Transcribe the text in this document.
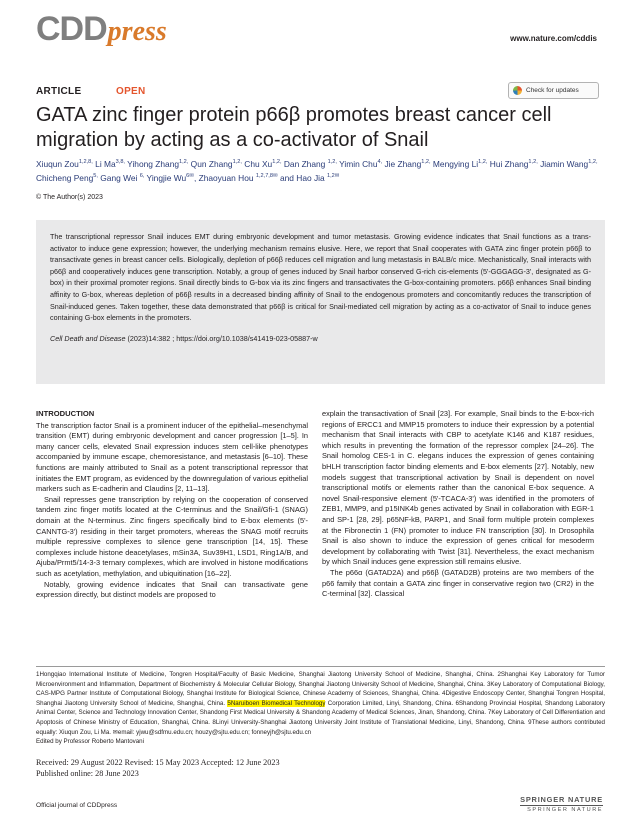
CDDpress	www.nature.com/cddis
ARTICLE	OPEN	Check for updates
GATA zinc finger protein p66β promotes breast cancer cell migration by acting as a co-activator of Snail
Xiuqun Zou$^{1,2,8,}$ Li $Ma^{3,8,}$ Yihong Zhang$^{1,2,}$ Qun Zhang$^{1,2,}$ Chu $Xu^{1,2,}$ Dan Zhang $^{1,2,}$ Yimin Chu$^{4,}$ Jie Zhang$^{1,2,}$ Mengying $Li^{1,2,}$ Hui Zhang$^{1,2,}$ Jiamin Wang$^{1,2,}$ Chicheng Peng$^{5,}$ Gang Wei $^{6,}$ Yingjie $Wu^{6✉}$, Zhaoyuan Hou $^{1,2,7,8✉}$ and Hao Jia $^{1,2✉}$
© The Author(s) 2023

The transcriptional repressor Snail induces EMT during embryonic development and tumor metastasis. Growing evidence indicates that Snail functions as a trans-activator to induce gene expression; however, the underlying mechanism remains elusive. Here, we report that Snail cooperates with GATA zinc finger protein p66β to transactivate genes in breast cancer cells. Biologically, depletion of p66β reduces cell migration and lung metastasis in BALB/c mice. Mechanistically, Snail interacts with p66β and cooperatively induces gene transcription. Notably, a group of genes induced by Snail harbor conserved G-rich cis-elements (5'-GGGAGG-3', designated as G-box) in their proximal promoter regions. Snail directly binds to G-box via its zinc fingers and transactivates the G-box-containing promoters. p66β enhances Snail binding affinity to G-box, whereas depletion of p66β results in a decreased binding affinity of Snail to the endogenous promoters and concomitantly reduces the transcription of Snail-induced genes. Taken together, these data demonstrated that p66β is critical for Snail-mediated cell migration by acting as a co-activator of Snail to induce genes containing G-box elements in the promoters.

Cell Death and Disease (2023)14:382 ; https://doi.org/10.1038/s41419-023-05887-w

INTRODUCTION

The transcription factor Snail is a prominent inducer of the epithelial–mesenchymal transition (EMT) during embryonic development and cancer progression [1–5]. In many cancer cells, elevated Snail expression induces stem cell-like phenotypes accompanied by immune escape, chemoresistance, and metastasis [6–10]. These functions are mainly attributed to Snail as a potent transcriptional repressor that initiates the EMT program, as evidenced by the downregulation of various epithelial markers such as E-cadherin and Claudins [2, 11–13].

Snail represses gene transcription by relying on the cooperation of conserved tandem zinc finger motifs located at the C-terminus and the Snail/Gfi-1 (SNAG) domain at the N-terminus. Zinc fingers specifically bind to E-box elements (5'-CANNTG-3') residing in their target promoters, whereas the SNAG motif recruits multiple repressive complexes to silence gene transcription [14, 15]. These complexes include histone deacetylases, mSin3A, Suv39H1, LSD1, Ring1A/B, and Ajuba/Prmt5/14-3-3 ternary complexes, which are involved in histone modifications such as acetylation, methylation, and ubiquitination [16–22].

Notably, growing evidence indicates that Snail can transactivate gene expression directly, but distinct models are proposed to

explain the transactivation of Snail [23]. For example, Snail binds to the E-box-rich regions of ERCC1 and MMP15 promoters to induce their expression by a potential mechanism that Snail interacts with CBP to acetylate K146 and K187 residues, which results in preventing the formation of the repressor complex [24–26]. The Snail homolog CES-1 in C. elegans induces the expression of genes containing bHLH transcription factor binding elements and E-box elements [27]. Notably, new models suggest that transcriptional activation by Snail is dependent on novel transcriptional motifs or elements rather than the canonical E-box sequence. A novel Snail-responsive element (5'-TCACA-3') was identified in the promoters of ZEB1, MMP9, and p15INK4b genes activated by Snail in collaboration with EGR-1 and SP-1 [28, 29]. p65NF-kB, PARP1, and Snail form multiple protein complexes at the Fibronectin 1 (FN) promoter to induce FN transcription [30]. In Drosophila Snail is also shown to induce the expression of genes critical for mesoderm development by collaborating with Twist [31]. Nevertheless, the exact mechanism by which Snail induces gene expression still remains elusive.

The p66α (GATAD2A) and p66β (GATAD2B) proteins are two members of the p66 family that contain a GATA zinc finger in conservative region two (CR2) in the C-terminal [32]. Classical

1Hongqiao International Institute of Medicine, Tongren Hospital/Faculty of Basic Medicine, Shanghai Jiaotong University School of Medicine, Shanghai, China. 2Shanghai Key Laboratory for Tumor Microenvironment and Inflammation, Department of Biochemistry & Molecular Cellular Biology, Shanghai Jiaotong University School of Medicine, Shanghai, China. 3Key Laboratory of Computational Biology, CAS-MPG Partner Institute of Computational Biology, Shanghai Institute for Biological Science, Chinese Academy of Sciences, Shanghai, China. 4Digestive Endoscopy Center, Shanghai Tongren Hospital, Shanghai Jiaotong University School of Medicine, Shanghai, China. 5Naruiboen Biomedical Technology Corporation Limited, Linyi, Shandong, China. 6Shandong Provincial Hospital, Shandong Laboratory Animal Center, Science and Technology Innovation Center, Shandong First Medical University & Shandong Academy of Medical Sciences, Jinan, Shandong, China. 7Key Laboratory of Cell Differentiation and Apoptosis of Chinese Ministry of Education, Shanghai, China. 8Linyi University-Shanghai Jiaotong University Joint Institute of Translational Medicine, Linyi, Shandong, China. 9These authors contributed equally: Xiuqun Zou, Li Ma. ✉email: yjwu@sdfmu.edu.cn; houzy@sjtu.edu.cn; fonneyjh@sjtu.edu.cn
Edited by Professor Roberto Mantovani
Received: 29 August 2022 Revised: 15 May 2023 Accepted: 12 June 2023
Published online: 28 June 2023
Official journal of CDDpress
SPRINGER NATURE
SPRINGER NATURE
